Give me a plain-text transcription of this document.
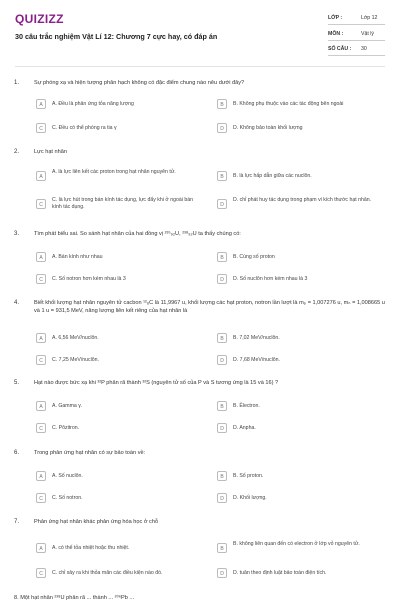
QUIZIZZ
30 câu trắc nghiệm Vật Lí 12: Chương 7 cực hay, có đáp án
LỚP :	Lớp 12
MÔN :	Vật lý
SỐ CÂU : 30
1.	Sự phóng xạ và hiện tượng phân hạch không có đặc điểm chung nào nêu dưới đây?
A	A. Đều là phản ứng tỏa năng lượng	B	B. Không phụ thuộc vào các tác động bên ngoài
C	C. Đều có thể phóng ra tia γ	D	D. Không bảo toàn khối lượng
2.	Lực hạt nhân
A
A. là lực liên kết các proton trong hạt nhân nguyên tử.
B	B. là lực hấp dẫn giữa các nuclôn.
C
C. là lực hút trong bán kính tác dụng, lực đẩy khi ở ngoài bán kính tác dụng.	D
D. chỉ phát huy tác dụng trong phạm vi kích thước hạt nhân.
3.	Tìm phát biểu sai. So sánh hạt nhân của hai đồng vị ²³⁵₉₂U, ²³⁸₉₂U ta thấy chúng có:
A	A. Bán kính như nhau	B	B. Cùng số proton
C	C. Số notron hơn kém nhau là 3	D	D. Số nuclôn hơn kém nhau là 3
4.	Biết khối lượng hạt nhân nguyên tử cacbon ¹²₆C là 11,9967 u, khối lượng các hạt proton, notron lần lượt là mₚ = 1,007276 u, mₙ = 1,008665 u và 1 u = 931,5 MeV, năng lượng liên kết riêng của hạt nhân là
A	A. 6,56 MeV/nuclôn.	B	B. 7,02 MeV/nuclôn.
C	C. 7,25 MeV/nuclôn.	D	D. 7,68 MeV/nuclôn.
5.	Hạt nào được bức xạ khi ³²P phân rã thành ³²S (nguyên tử số của P và S tương ứng là 15 và 16) ?
A	A. Gamma γ.	B	B. Êlectron.
C	C. Pôzitron.	D	D. Anpha.
6.	Trong phản ứng hạt nhân có sự bảo toàn về:
A	A. Số nuclôn.	B	B. Số proton.
C	C. Số notron.	D	D. Khối lượng.
7.	Phản ứng hạt nhân khác phản ứng hóa học ở chỗ
A	A. có thể tỏa nhiệt hoặc thu nhiệt.	B
B. không liên quan đến có electron ở lớp vỏ nguyên tử.
C	C. chỉ xảy ra khi thỏa mãn các điều kiện nào đó.	D	D. tuân theo định luật bảo toàn điện tích.
8. Một hạt nhân ²³⁸U phân rã ... thành ... ²⁰⁶Pb ...
